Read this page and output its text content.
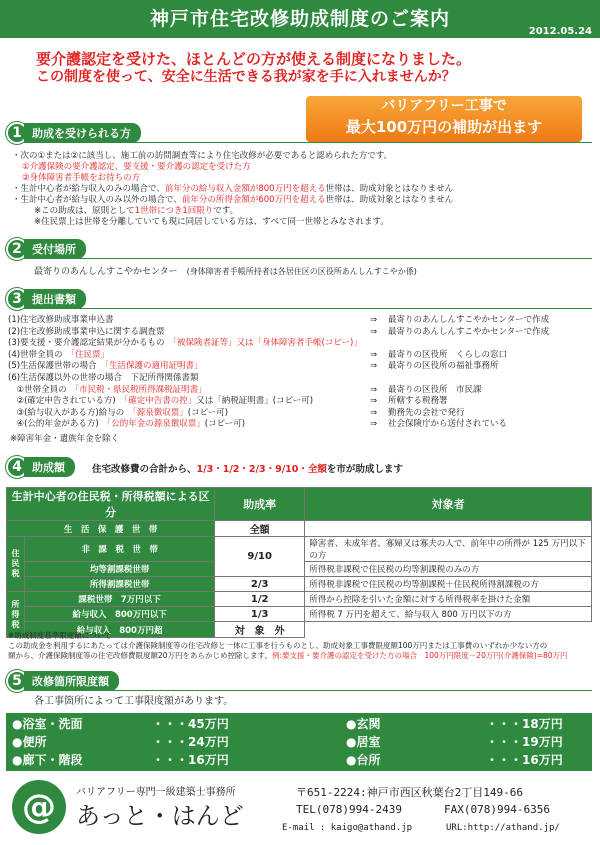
神戸市住宅改修助成制度のご案内
2012.05.24
要介護認定を受けた、ほとんどの方が使える制度になりました。
この制度を使って、安全に生活できる我が家を手に入れませんか？
バリアフリー工事で
最大100万円の補助が出ます
1 助成を受けられる方
・次の①または②に該当し、施工前の訪問調査等により住宅改修が必要であると認められた方です。
①介護保険の要介護認定、要支援・要介護の認定を受けた方
②身体障害者手帳をお持ちの方
・生計中心者が給与収入のみの場合で、前年分の給与収入金額が800万円を超える世帯は、助成対象とはなりません
・生計中心者が給与収入のみ以外の場合で、前年分の所得金額が600万円を超える世帯は、助成対象とはなりません
※この助成は、原則として1世帯につき1回限りです。
※住民票上は世帯を分離していても現に同居している方は、すべて同一世帯とみなされます。
2 受付場所
最寄りのあんしんすこやかセンター　 (身体障害者手帳所持者は各居住区の区役所あんしんすこやか係)
3 提出書類
(1)住宅改修助成事業申込書	⇒ 最寄りのあんしんすこやかセンターで作成
(2)住宅改修助成事業申込に関する調査票	⇒ 最寄りのあんしんすこやかセンターで作成
(3)要支援・要介護認定結果が分かるもの 「被保険者証等」又は「身体障害者手帳(コピー)」
(4)世帯全員の 「住民票」	⇒ 最寄りの区役所　くらしの窓口
(5)生活保護世帯の場合 「生活保護の適用証明書」	⇒ 最寄りの区役所の福祉事務所
(6)生活保護以外の世帯の場合　下記所得関係書類
　①世帯全員の 「市民税・県民税所得課税証明書」	⇒ 最寄りの区役所　市民課
　②(確定申告されている方) 「確定申告書の控」又は「納税証明書」(コピー可)	⇒ 所轄する税務署
　③(給与収入がある方)給与の 「源泉徴収票」(コピー可)	⇒ 勤務先の会社で発行
　④(公的年金がある方) 「公的年金の源泉徴収票」(コピー可)	⇒ 社会保険庁から送付されている
※障害年金・遺族年金を除く
4 助成額	住宅改修費の合計から、1/3・1/2・2/3・9/10・全額を市が助成します
生計中心者の住民税・所得税額による区分		助成率	対象者
生　活　保　護　世　帯		全額	
住民税	非　課　税　世　帯	9/10	障害者、未成年者、寡婦又は寡夫の人で、前年中の所得が 125 万円以下の方
	均等割課税世帯		所得税非課税で住民税の均等割課税のみの方
	所得割課税世帯	2/3	所得税非課税で住民税の均等割課税＋住民税所得割課税の方
所得税	課税世帯　7万円以下	1/2	所得から控除を引いた金額に対する所得税率を掛けた金額
	給与収入　800万円以下	1/3	所得税 7 万円を超えて、給与収入 800 万円以下の方
	給与収入　800万円超	対　象　外	
※助成制度基準限度額について
この助成金を利用するにあたっては介護保険制度等の住宅改修と一体に工事を行うものとし、助成対象工事費限度額100万円または工事費のいずれか少ない方の
額から、介護保険制度等の住宅改修費限度額20万円をあらかじめ控除します。例:要支援・要介護の認定を受けた方の場合　100万円限度－20万円(介護保険)=80万円
5 改修箇所限度額
各工事箇所によって工事限度額があります。
●浴室・洗面	・・・ 45万円
●便所	・・・ 24万円
●廊下・階段	・・・ 16万円
●玄関	・・・ 18万円
●居室	・・・ 19万円
●台所	・・・ 16万円
@	バリアフリー専門一級建築士事務所
あっと・はんど
〒651-2224:神戸市西区秋葉台2丁目149-66
TEL(078)994-2439	FAX(078)994-6356
E-mail : kaigo@athand.jp	URL:http://athand.jp/
